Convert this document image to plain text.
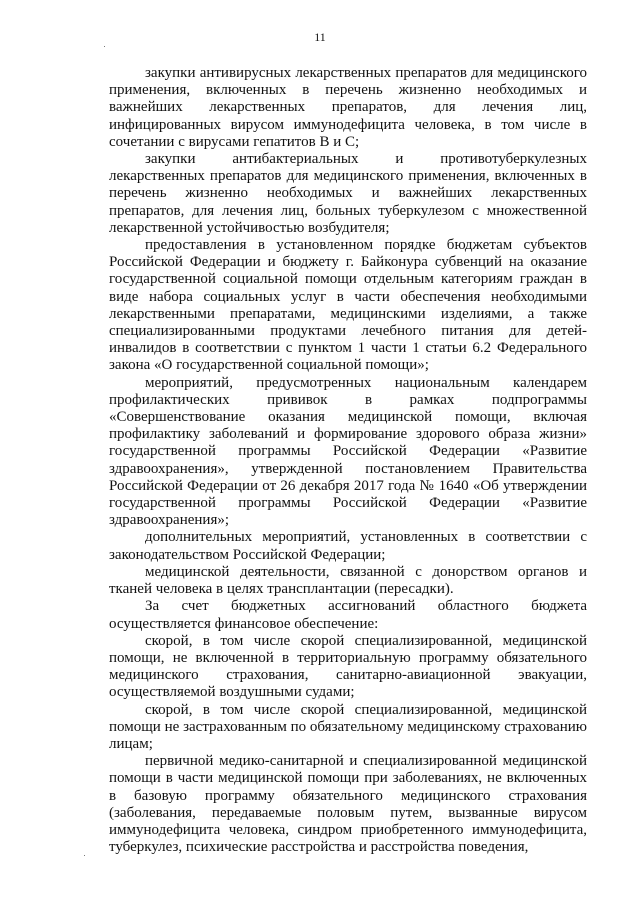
11

закупки антивирусных лекарственных препаратов для медицинского применения, включенных в перечень жизненно необходимых и важнейших лекарственных препаратов, для лечения лиц, инфицированных вирусом иммунодефицита человека, в том числе в сочетании с вирусами гепатитов B и C;

закупки антибактериальных и противотуберкулезных лекарственных препаратов для медицинского применения, включенных в перечень жизненно необходимых и важнейших лекарственных препаратов, для лечения лиц, больных туберкулезом с множественной лекарственной устойчивостью возбудителя;

предоставления в установленном порядке бюджетам субъектов Российской Федерации и бюджету г. Байконура субвенций на оказание государственной социальной помощи отдельным категориям граждан в виде набора социальных услуг в части обеспечения необходимыми лекарственными препаратами, медицинскими изделиями, а также специализированными продуктами лечебного питания для детей-инвалидов в соответствии с пунктом 1 части 1 статьи 6.2 Федерального закона «О государственной социальной помощи»;

мероприятий, предусмотренных национальным календарем профилактических прививок в рамках подпрограммы «Совершенствование оказания медицинской помощи, включая профилактику заболеваний и формирование здорового образа жизни» государственной программы Российской Федерации «Развитие здравоохранения», утвержденной постановлением Правительства Российской Федерации от 26 декабря 2017 года № 1640 «Об утверждении государственной программы Российской Федерации «Развитие здравоохранения»;

дополнительных мероприятий, установленных в соответствии с законодательством Российской Федерации;

медицинской деятельности, связанной с донорством органов и тканей человека в целях трансплантации (пересадки).

За счет бюджетных ассигнований областного бюджета осуществляется финансовое обеспечение:

скорой, в том числе скорой специализированной, медицинской помощи, не включенной в территориальную программу обязательного медицинского страхования, санитарно-авиационной эвакуации, осуществляемой воздушными судами;

скорой, в том числе скорой специализированной, медицинской помощи не застрахованным по обязательному медицинскому страхованию лицам;

первичной медико-санитарной и специализированной медицинской помощи в части медицинской помощи при заболеваниях, не включенных в базовую программу обязательного медицинского страхования (заболевания, передаваемые половым путем, вызванные вирусом иммунодефицита человека, синдром приобретенного иммунодефицита, туберкулез, психические расстройства и расстройства поведения,
